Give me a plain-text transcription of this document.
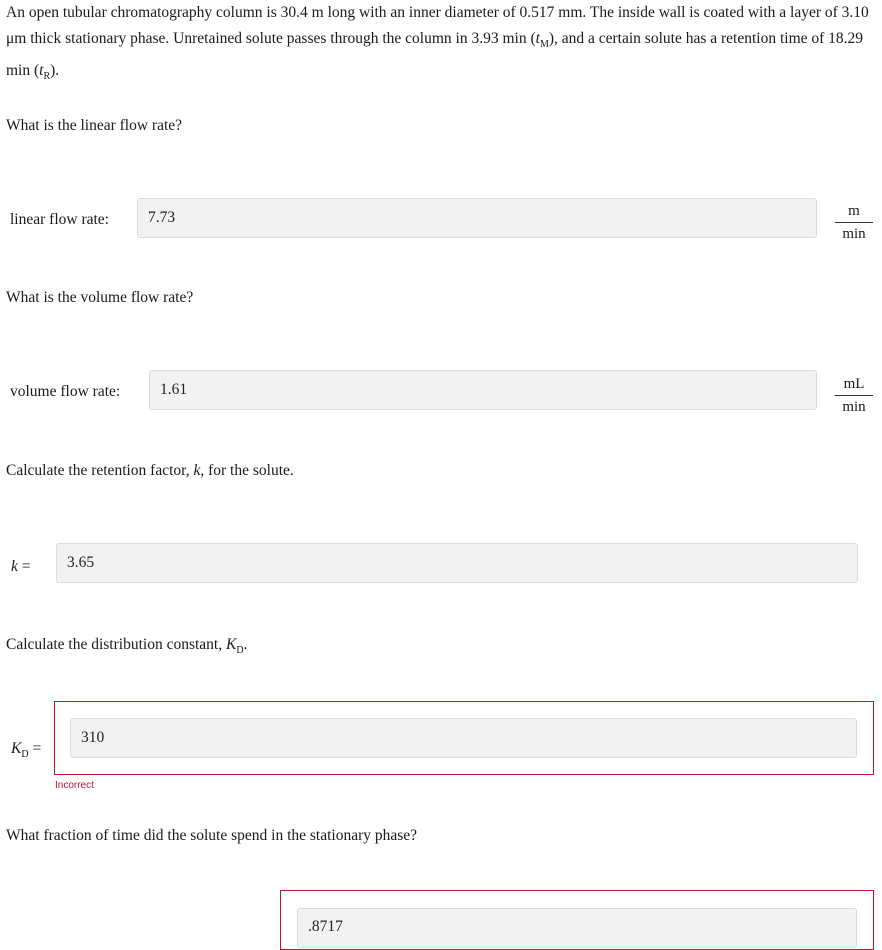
An open tubular chromatography column is 30.4 m long with an inner diameter of 0.517 mm. The inside wall is coated with a layer of 3.10 μm thick stationary phase. Unretained solute passes through the column in 3.93 $\min (t_M)$, and a certain solute has a retention time of 18.29 $\min (t_R)$.

What is the linear flow rate?
linear flow rate:	7.73	m
min
What is the volume flow rate?
volume flow rate:	1.61	mL
min
Calculate the retention factor, k, for the solute.
k =	3.65
Calculate the distribution constant, $K_D$.
$K_D$ =
310
Incorrect
What fraction of time did the solute spend in the stationary phase?
.8717
